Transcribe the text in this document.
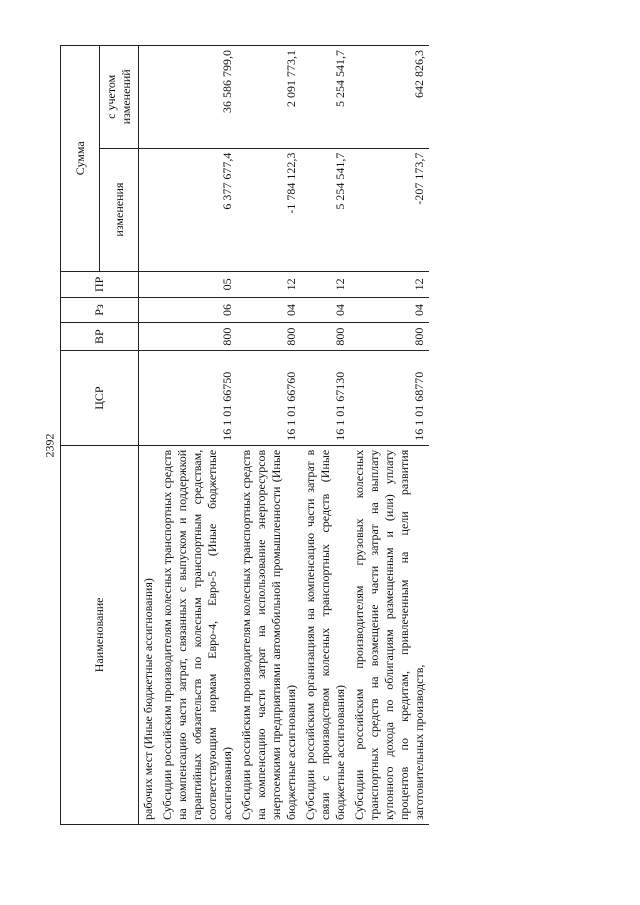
2392
Наименование	ЦСР	ВР	Рз	ПР	Сумма	
					изменения	с учетом изменений
рабочих мест (Иные бюджетные ассигнования)						
Субсидии российским производителям колесных транспортных средств на компенсацию части затрат, связанных с выпуском и поддержкой гарантийных обязательств по колесным транспортным средствам, соответствующим нормам Евро-4, Евро-5 (Иные бюджетные ассигнования)	16 1 01 66750	800	06	05	6 377 677,4	36 586 799,0
Субсидии российским производителям колесных транспортных средств на компенсацию части затрат на использование энергоресурсов энергоемкими предприятиями автомобильной промышленности (Иные бюджетные ассигнования)	16 1 01 66760	800	04	12	-1 784 122,3	2 091 773,1
Субсидии российским организациям на компенсацию части затрат в связи с производством колесных транспортных средств (Иные бюджетные ассигнования)	16 1 01 67130	800	04	12	5 254 541,7	5 254 541,7
Субсидии российским производителям грузовых колесных транспортных средств на возмещение части затрат на выплату купонного дохода по облигациям размещенным и (или) уплату процентов по кредитам, привлеченным на цели развития заготовительных производств,	16 1 01 68770	800	04	12	-207 173,7	642 826,3
